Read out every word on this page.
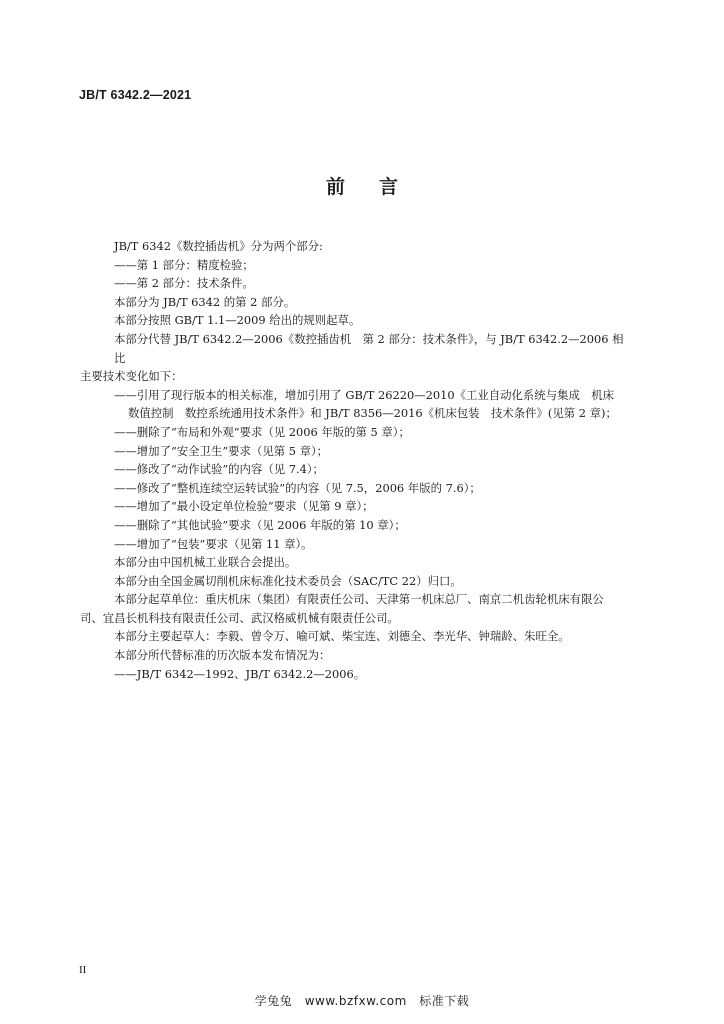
JB/T 6342.2—2021
前言

JB/T 6342《数控插齿机》分为两个部分:

——第 1 部分：精度检验；

——第 2 部分：技术条件。

本部分为 JB/T 6342 的第 2 部分。

本部分按照 GB/T 1.1—2009 给出的规则起草。

本部分代替 JB/T 6342.2—2006《数控插齿机　第 2 部分：技术条件》，与 JB/T 6342.2—2006 相比

主要技术变化如下：

——引用了现行版本的相关标准，增加引用了 GB/T 26220—2010《工业自动化系统与集成　机床

数值控制　数控系统通用技术条件》和 JB/T 8356—2016《机床包装　技术条件》(见第 2 章)；

——删除了“布局和外观”要求（见 2006 年版的第 5 章）；

——增加了“安全卫生”要求（见第 5 章）；

——修改了“动作试验”的内容（见 7.4）；

——修改了“整机连续空运转试验”的内容（见 7.5，2006 年版的 7.6）；

——增加了“最小设定单位检验”要求（见第 9 章）；

——删除了“其他试验”要求（见 2006 年版的第 10 章）；

——增加了“包装”要求（见第 11 章）。

本部分由中国机械工业联合会提出。

本部分由全国金属切削机床标准化技术委员会（SAC/TC 22）归口。

本部分起草单位：重庆机床（集团）有限责任公司、天津第一机床总厂、南京二机齿轮机床有限公

司、宜昌长机科技有限责任公司、武汉格威机械有限责任公司。

本部分主要起草人：李毅、曾令万、喻可斌、柴宝连、刘德全、李光华、钟瑞龄、朱旺全。

本部分所代替标准的历次版本发布情况为：

——JB/T 6342—1992、JB/T 6342.2—2006。

II
学兔兔　www.bzfxw.com　标准下载
